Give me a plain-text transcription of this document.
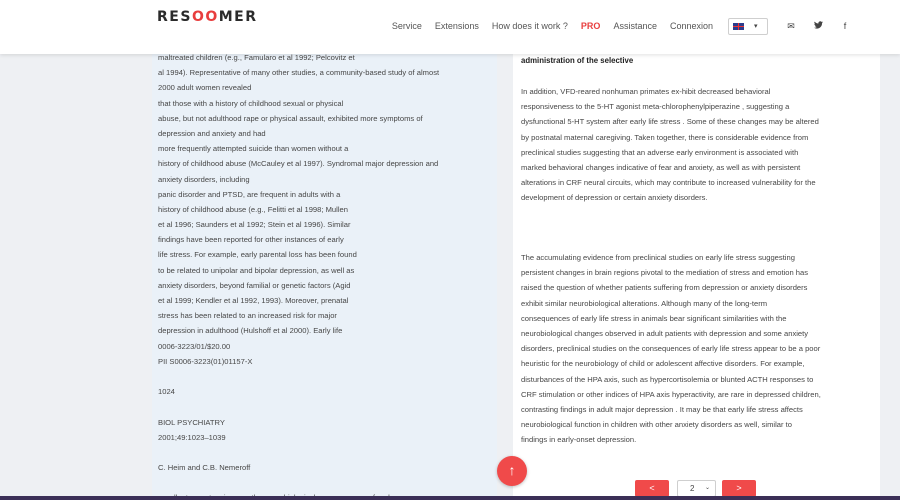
RESOOMER
Service Extensions How does it work ? PRO Assistance Connexion	▾	✉	f
maltreated children (e.g., Famularo et al 1992; Pelcovitz et
al 1994). Representative of many other studies, a community-based study of almost
2000 adult women revealed
that those with a history of childhood sexual or physical
abuse, but not adulthood rape or physical assault, exhibited more symptoms of
depression and anxiety and had
more frequently attempted suicide than women without a
history of childhood abuse (McCauley et al 1997). Syndromal major depression and
anxiety disorders, including
panic disorder and PTSD, are frequent in adults with a
history of childhood abuse (e.g., Felitti et al 1998; Mullen
et al 1996; Saunders et al 1992; Stein et al 1996). Similar
findings have been reported for other instances of early
life stress. For example, early parental loss has been found
to be related to unipolar and bipolar depression, as well as
anxiety disorders, beyond familial or genetic factors (Agid
et al 1999; Kendler et al 1992, 1993). Moreover, prenatal
stress has been related to an increased risk for major
depression in adulthood (Hulshoff et al 2000). Early life
0006-3223/01/$20.00
PII S0006-3223(01)01157-X
1024
BIOL PSYCHIATRY
2001;49:1023–1039
C. Heim and C.B. Nemeroff
administration of the selective
In addition, VFD-reared nonhuman primates ex-hibit decreased behavioral
responsiveness to the 5-HT agonist meta-chlorophenylpiperazine , suggesting a
dysfunctional 5-HT system after early life stress . Some of these changes may be altered
by postnatal maternal caregiving. Taken together, there is considerable evidence from
preclinical studies suggesting that an adverse early environment is associated with
marked behavioral changes indicative of fear and anxiety, as well as with persistent
alterations in CRF neural circuits, which may contribute to increased vulnerability for the
development of depression or certain anxiety disorders.
The accumulating evidence from preclinical studies on early life stress suggesting
persistent changes in brain regions pivotal to the mediation of stress and emotion has
raised the question of whether patients suffering from depression or anxiety disorders
exhibit similar neurobiological alterations. Although many of the long-term
consequences of early life stress in animals bear significant similarities with the
neurobiological changes observed in adult patients with depression and some anxiety
disorders, preclinical studies on the consequences of early life stress appear to be a poor
heuristic for the neurobiology of child or adolescent affective disorders. For example,
disturbances of the HPA axis, such as hypercortisolemia or blunted ACTH responses to
CRF stimulation or other indices of HPA axis hyperactivity, are rare in depressed children,
contrasting findings in adult major depression . It may be that early life stress affects
neurobiological function in children with other anxiety disorders as well, similar to
findings in early-onset depression.
<	2 ⌄	>
↑
